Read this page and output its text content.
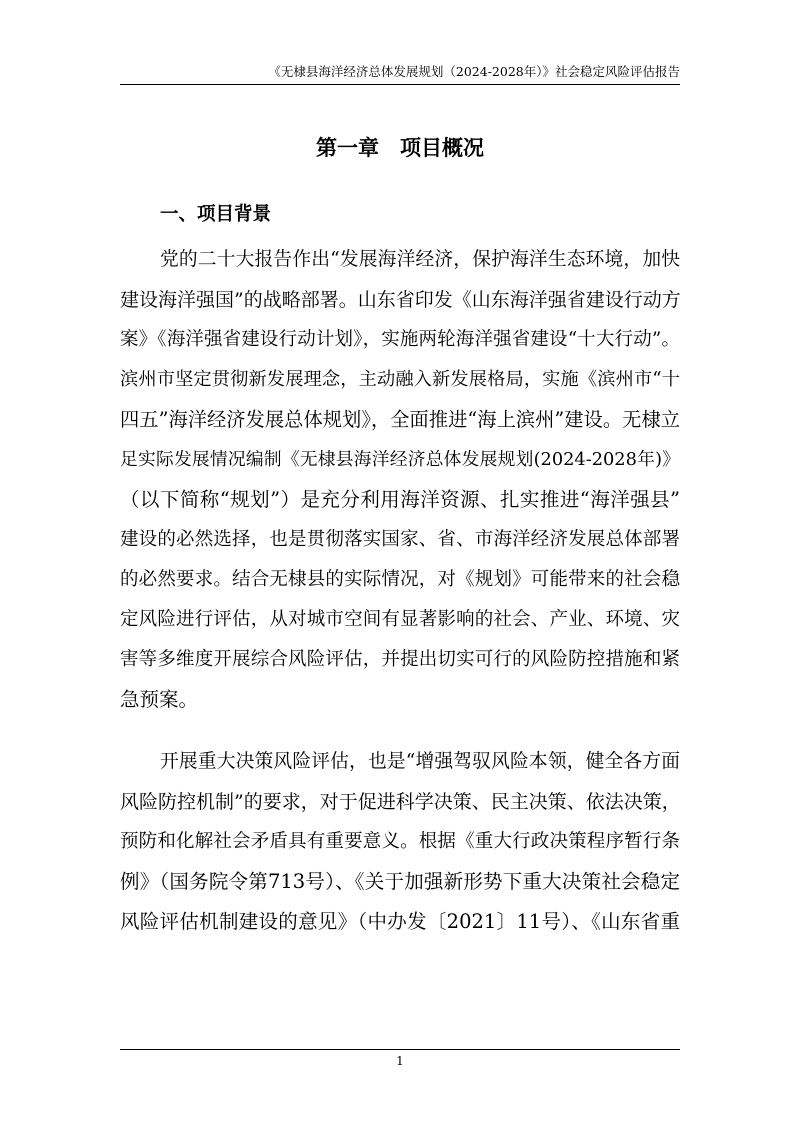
《无棣县海洋经济总体发展规划（2024-2028年）》社会稳定风险评估报告
第一章　项目概况
一、项目背景
党的二十大报告作出“发展海洋经济，保护海洋生态环境，加快
建设海洋强国”的战略部署。山东省印发《山东海洋强省建设行动方
案》《海洋强省建设行动计划》，实施两轮海洋强省建设“十大行动”。
滨州市坚定贯彻新发展理念，主动融入新发展格局，实施《滨州市“十
四五”海洋经济发展总体规划》，全面推进“海上滨州”建设。无棣立
足实际发展情况编制《无棣县海洋经济总体发展规划(2024-2028年)》
（以下简称“规划”）是充分利用海洋资源、扎实推进“海洋强县”
建设的必然选择，也是贯彻落实国家、省、市海洋经济发展总体部署
的必然要求。结合无棣县的实际情况，对《规划》可能带来的社会稳
定风险进行评估，从对城市空间有显著影响的社会、产业、环境、灾
害等多维度开展综合风险评估，并提出切实可行的风险防控措施和紧
急预案。
开展重大决策风险评估，也是“增强驾驭风险本领，健全各方面
风险防控机制”的要求，对于促进科学决策、民主决策、依法决策，
预防和化解社会矛盾具有重要意义。根据《重大行政决策程序暂行条
例》（国务院令第713号）、《关于加强新形势下重大决策社会稳定
风险评估机制建设的意见》（中办发〔2021〕11号）、《山东省重
1
